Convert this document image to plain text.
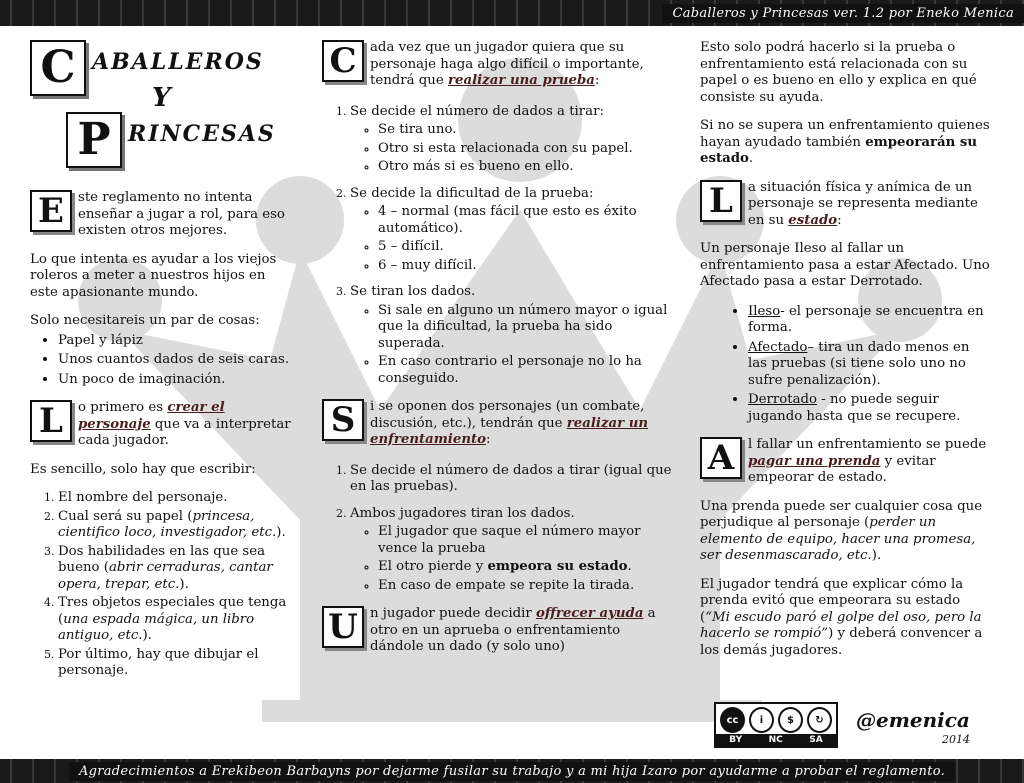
Caballeros y Princesas ver. 1.2 por Eneko Menica
C ABALLEROS
Y
P RINCESAS

E	ste reglamento no intenta enseñar a jugar a rol, para eso existen otros mejores.

Lo que intenta es ayudar a los viejos roleros a meter a nuestros hijos en este apasionante mundo.

Solo necesitareis un par de cosas:

• Papel y lápiz
• Unos cuantos dados de seis caras.
• Un poco de imaginación.

L	o primero es crear el personaje que va a interpretar cada jugador.

Es sencillo, solo hay que escribir:

1. El nombre del personaje.
2. Cual será su papel (princesa, cientifico loco, investigador, etc.).
3. Dos habilidades en las que sea bueno (abrir cerraduras, cantar opera, trepar, etc.).
4. Tres objetos especiales que tenga (una espada mágica, un libro antiguo, etc.).
5. Por último, hay que dibujar el personaje.

C	ada vez que un jugador quiera que su personaje haga algo difícil o importante, tendrá que realizar una prueba:

1. Se decide el número de dados a tirar:
◦ Se tira uno.
◦ Otro si esta relacionada con su papel.
◦ Otro más si es bueno en ello.
2. Se decide la dificultad de la prueba:
◦ 4 – normal (mas fácil que esto es éxito automático).
◦ 5 – difícil.
◦ 6 – muy difícil.
3. Se tiran los dados.
◦ Si sale en alguno un número mayor o igual que la dificultad, la prueba ha sido superada.
◦ En caso contrario el personaje no lo ha conseguido.

S	i se oponen dos personajes (un combate, discusión, etc.), tendrán que realizar un enfrentamiento:

1. Se decide el número de dados a tirar (igual que en las pruebas).
2. Ambos jugadores tiran los dados.
◦ El jugador que saque el número mayor vence la prueba
◦ El otro pierde y empeora su estado.
◦ En caso de empate se repite la tirada.

U n jugador puede decidir offrecer ayuda a otro en un aprueba o enfrentamiento dándole un dado (y solo uno)

Esto solo podrá hacerlo si la prueba o enfrentamiento está relacionada con su papel o es bueno en ello y explica en qué consiste su ayuda.

Si no se supera un enfrentamiento quienes hayan ayudado también empeorarán su estado.

L	a situación física y anímica de un personaje se representa mediante en su estado:

Un personaje Ileso al fallar un enfrentamiento pasa a estar Afectado. Uno Afectado pasa a estar Derrotado.

• Ileso- el personaje se encuentra en forma.
• Afectado– tira un dado menos en las pruebas (si tiene solo uno no sufre penalización).
• Derrotado - no puede seguir jugando hasta que se recupere.

A	l fallar un enfrentamiento se puede pagar una prenda y evitar empeorar de estado.

Una prenda puede ser cualquier cosa que perjudique al personaje (perder un elemento de equipo, hacer una promesa, ser desenmascarado, etc.).

El jugador tendrá que explicar cómo la prenda evitó que empeorara su estado (“Mi escudo paró el golpe del oso, pero la hacerlo se rompió”) y deberá convencer a los demás jugadores.

cc	i	$	↻
BY	NC	SA
@emenica
2014
Agradecimientos a Erekibeon Barbayns por dejarme fusilar su trabajo y a mi hija Izaro por ayudarme a probar el reglamento.
